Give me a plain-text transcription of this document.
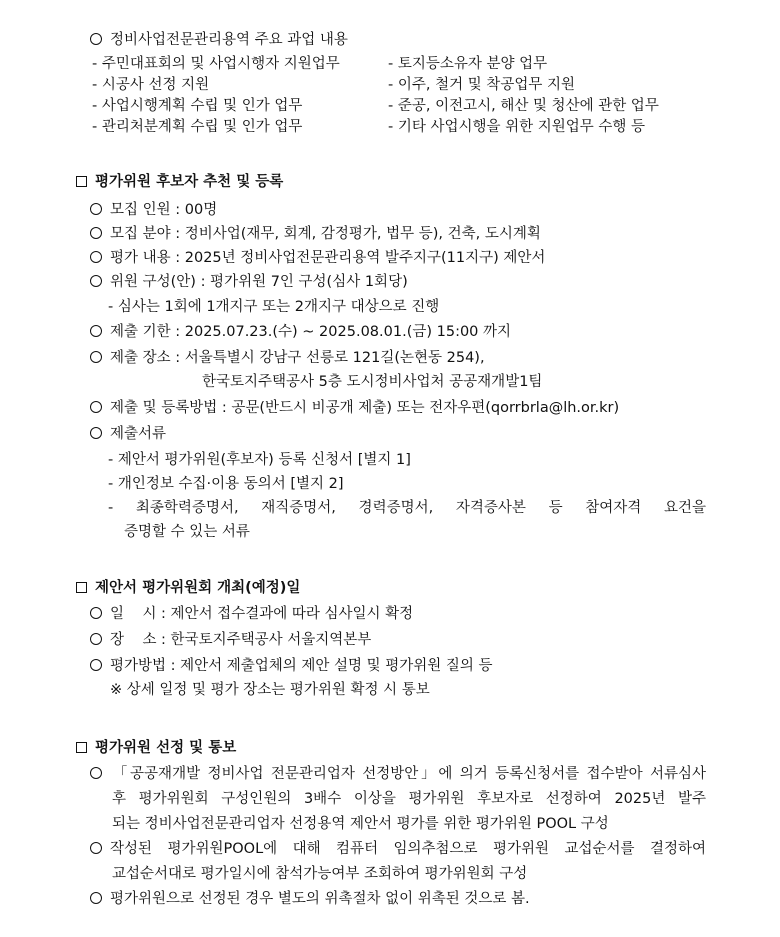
정비사업전문관리용역 주요 과업 내용
- 주민대표회의 및 사업시행자 지원업무	- 토지등소유자 분양 업무
- 시공사 선정 지원	- 이주, 철거 및 착공업무 지원
- 사업시행계획 수립 및 인가 업무	- 준공, 이전고시, 해산 및 청산에 관한 업무
- 관리처분계획 수립 및 인가 업무	- 기타 사업시행을 위한 지원업무 수행 등
평가위원 후보자 추천 및 등록
모집 인원 : 00명
모집 분야 : 정비사업(재무, 회계, 감정평가, 법무 등), 건축, 도시계획
평가 내용 : 2025년 정비사업전문관리용역 발주지구(11지구) 제안서
위원 구성(안) : 평가위원 7인 구성(심사 1회당)
- 심사는 1회에 1개지구 또는 2개지구 대상으로 진행
제출 기한 : 2025.07.23.(수) ~ 2025.08.01.(금) 15:00 까지
제출 장소 : 서울특별시 강남구 선릉로 121길(논현동 254),
한국토지주택공사 5층 도시정비사업처 공공재개발1팀
제출 및 등록방법 : 공문(반드시 비공개 제출) 또는 전자우편(qorrbrla@lh.or.kr)
제출서류
- 제안서 평가위원(후보자) 등록 신청서 [별지 1]
- 개인정보 수집·이용 동의서 [별지 2]
- 최종학력증명서, 재직증명서, 경력증명서, 자격증사본 등 참여자격 요건을
증명할 수 있는 서류
제안서 평가위원회 개최(예정)일
일    시 : 제안서 접수결과에 따라 심사일시 확정
장    소 : 한국토지주택공사 서울지역본부
평가방법 : 제안서 제출업체의 제안 설명 및 평가위원 질의 등
※ 상세 일정 및 평가 장소는 평가위원 확정 시 통보
평가위원 선정 및 통보
「공공재개발 정비사업 전문관리업자 선정방안」에 의거 등록신청서를 접수받아 서류심사
후 평가위원회 구성인원의 3배수 이상을 평가위원 후보자로 선정하여 2025년 발주
되는 정비사업전문관리업자 선정용역 제안서 평가를 위한 평가위원 POOL 구성
작성된 평가위원POOL에 대해 컴퓨터 임의추첨으로 평가위원 교섭순서를 결정하여
교섭순서대로 평가일시에 참석가능여부 조회하여 평가위원회 구성
평가위원으로 선정된 경우 별도의 위촉절차 없이 위촉된 것으로 봄.
